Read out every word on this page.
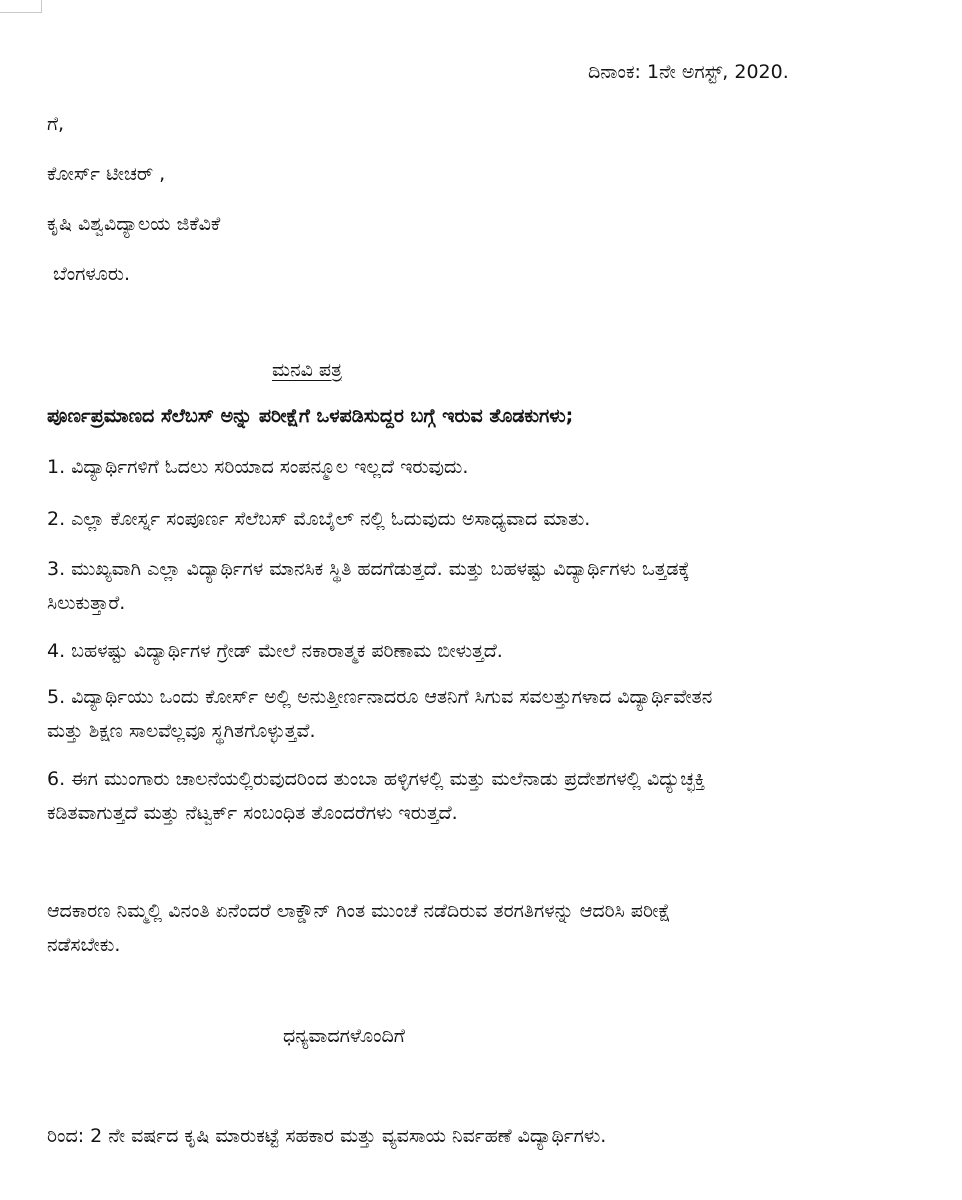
ದಿನಾಂಕ: 1ನೇ ಅಗಸ್ಟ್, 2020.
ಗೆ,
ಕೋರ್ಸ್ ಟೀಚರ್ ,
ಕೃಷಿ ವಿಶ್ವವಿದ್ಯಾಲಯ ಜಿಕೆವಿಕೆ
ಬೆಂಗಳೂರು.
ಮನವಿ ಪತ್ರ
ಪೂರ್ಣಪ್ರಮಾಣದ ಸೆಲೆಬಸ್ ಅನ್ನು ಪರೀಕ್ಷೆಗೆ ಒಳಪಡಿಸುದ್ದರ ಬಗ್ಗೆ ಇರುವ ತೊಡಕುಗಳು;
1. ವಿದ್ಯಾರ್ಥಿಗಳಿಗೆ ಓದಲು ಸರಿಯಾದ ಸಂಪನ್ಮೂಲ ಇಲ್ಲದೆ ಇರುವುದು.
2. ಎಲ್ಲಾ ಕೋರ್ಸ್ನ ಸಂಪೂರ್ಣ ಸೆಲೆಬಸ್ ಮೊಬೈಲ್ ನಲ್ಲಿ ಓದುವುದು ಅಸಾಧ್ಯವಾದ ಮಾತು.
3. ಮುಖ್ಯವಾಗಿ ಎಲ್ಲಾ ವಿದ್ಯಾರ್ಥಿಗಳ ಮಾನಸಿಕ ಸ್ಥಿತಿ ಹದಗೆಡುತ್ತದೆ. ಮತ್ತು ಬಹಳಷ್ಟು ವಿದ್ಯಾರ್ಥಿಗಳು ಒತ್ತಡಕ್ಕೆ
ಸಿಲುಕುತ್ತಾರೆ.
4. ಬಹಳಷ್ಟು ವಿದ್ಯಾರ್ಥಿಗಳ ಗ್ರೇಡ್ ಮೇಲೆ ನಕಾರಾತ್ಮಕ ಪರಿಣಾಮ ಬೀಳುತ್ತದೆ.
5. ವಿದ್ಯಾರ್ಥಿಯು ಒಂದು ಕೋರ್ಸ್ ಅಲ್ಲಿ ಅನುತ್ತೀರ್ಣನಾದರೂ ಆತನಿಗೆ ಸಿಗುವ ಸವಲತ್ತುಗಳಾದ ವಿದ್ಯಾರ್ಥಿವೇತನ
ಮತ್ತು ಶಿಕ್ಷಣ ಸಾಲವೆಲ್ಲವೂ ಸ್ಥಗಿತಗೊಳ್ಳುತ್ತವೆ.
6. ಈಗ ಮುಂಗಾರು ಚಾಲನೆಯಲ್ಲಿರುವುದರಿಂದ ತುಂಬಾ ಹಳ್ಳಿಗಳಲ್ಲಿ ಮತ್ತು ಮಲೆನಾಡು ಪ್ರದೇಶಗಳಲ್ಲಿ ವಿದ್ಯುಚ್ಛಕ್ತಿ
ಕಡಿತವಾಗುತ್ತದೆ ಮತ್ತು ನೆಟ್ವರ್ಕ್ ಸಂಬಂಧಿತ ತೊಂದರೆಗಳು ಇರುತ್ತದೆ.
ಆದಕಾರಣ ನಿಮ್ಮಲ್ಲಿ ವಿನಂತಿ ಏನೆಂದರೆ ಲಾಕ್ಡೌನ್ ಗಿಂತ ಮುಂಚೆ ನಡೆದಿರುವ ತರಗತಿಗಳನ್ನು ಆದರಿಸಿ ಪರೀಕ್ಷೆ
ನಡೆಸಬೇಕು.
ಧನ್ಯವಾದಗಳೊಂದಿಗೆ
ರಿಂದ: 2 ನೇ ವರ್ಷದ ಕೃಷಿ ಮಾರುಕಟ್ಟೆ ಸಹಕಾರ ಮತ್ತು ವ್ಯವಸಾಯ ನಿರ್ವಹಣೆ ವಿದ್ಯಾರ್ಥಿಗಳು.
